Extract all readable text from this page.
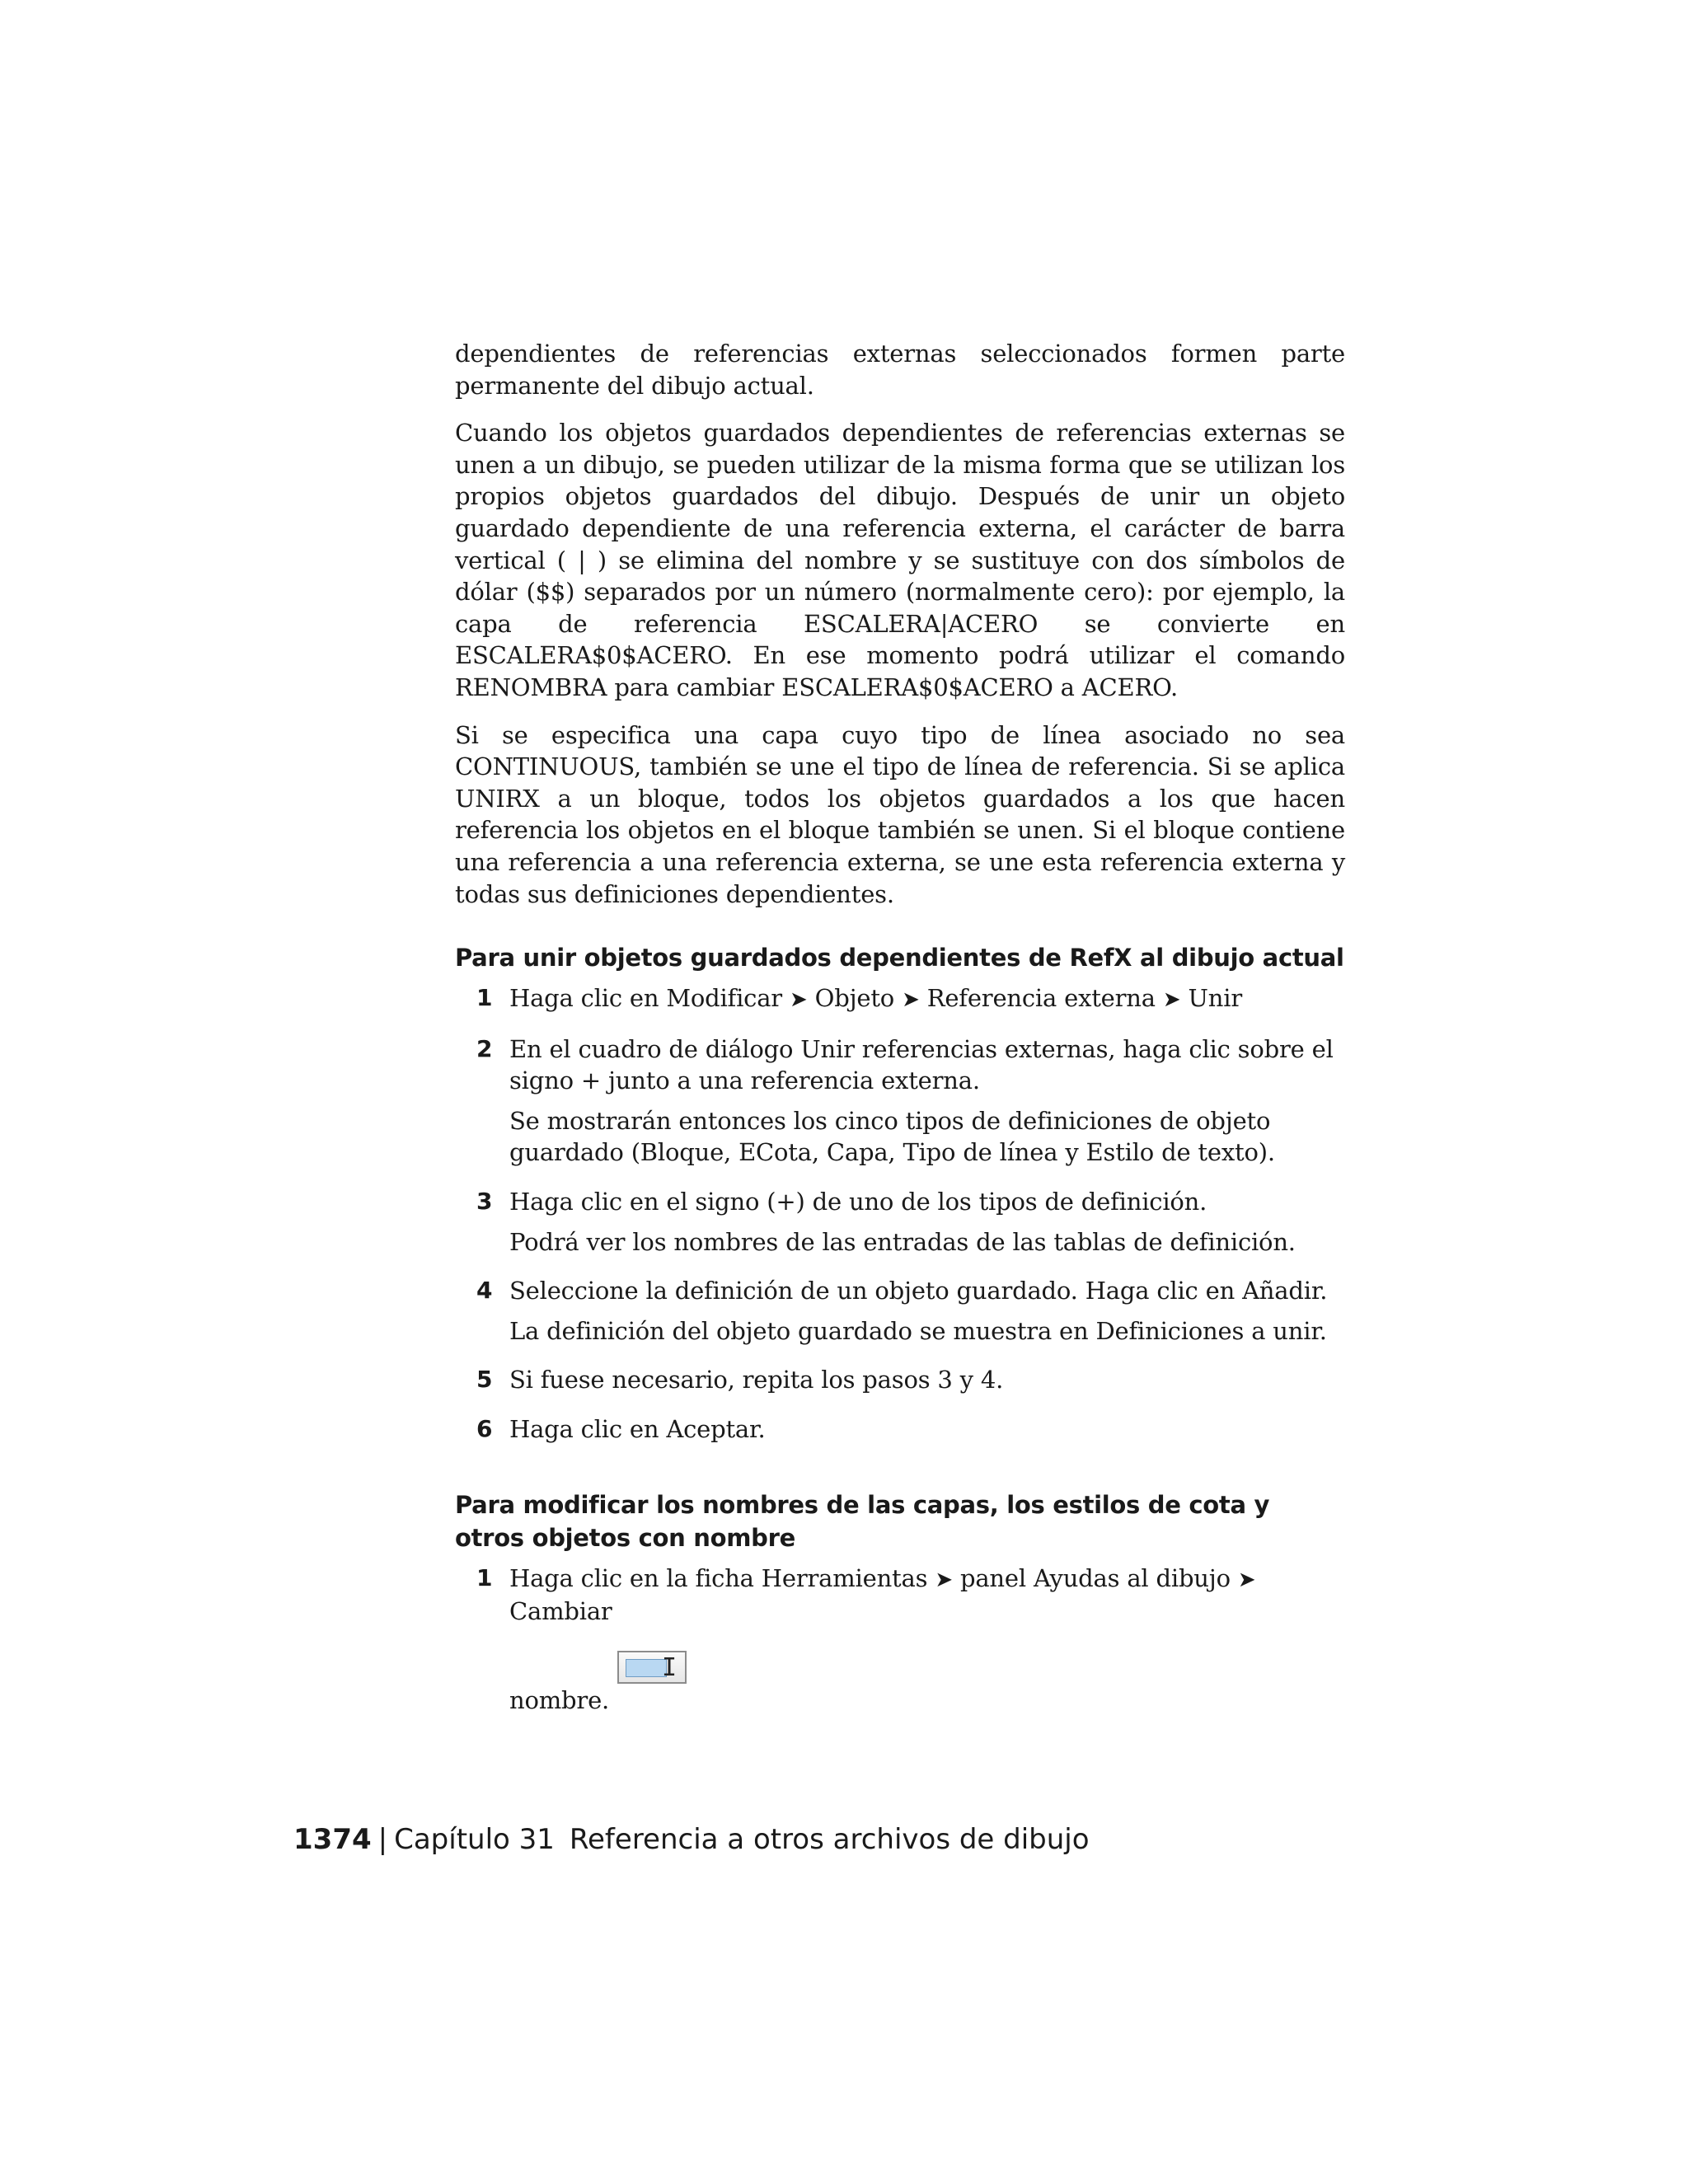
dependientes de referencias externas seleccionados formen parte permanente del dibujo actual.

Cuando los objetos guardados dependientes de referencias externas se unen a un dibujo, se pueden utilizar de la misma forma que se utilizan los propios objetos guardados del dibujo. Después de unir un objeto guardado dependiente de una referencia externa, el carácter de barra vertical ( | ) se elimina del nombre y se sustituye con dos símbolos de dólar ($$) separados por un número (normalmente cero): por ejemplo, la capa de referencia ESCALERA|ACERO se convierte en ESCALERA$0$ACERO. En ese momento podrá utilizar el comando RENOMBRA para cambiar ESCALERA$0$ACERO a ACERO.

Si se especifica una capa cuyo tipo de línea asociado no sea CONTINUOUS, también se une el tipo de línea de referencia. Si se aplica UNIRX a un bloque, todos los objetos guardados a los que hacen referencia los objetos en el bloque también se unen. Si el bloque contiene una referencia a una referencia externa, se une esta referencia externa y todas sus definiciones dependientes.

Para unir objetos guardados dependientes de RefX al dibujo actual
1 Haga clic en Modificar ➤ Objeto ➤ Referencia externa ➤ Unir

2 En el cuadro de diálogo Unir referencias externas, haga clic sobre el signo + junto a una referencia externa.

Se mostrarán entonces los cinco tipos de definiciones de objeto guardado (Bloque, ECota, Capa, Tipo de línea y Estilo de texto).

3 Haga clic en el signo (+) de uno de los tipos de definición.

Podrá ver los nombres de las entradas de las tablas de definición.

4 Seleccione la definición de un objeto guardado. Haga clic en Añadir.

La definición del objeto guardado se muestra en Definiciones a unir.

5 Si fuese necesario, repita los pasos 3 y 4.

6 Haga clic en Aceptar.

Para modificar los nombres de las capas, los estilos de cota y otros objetos con nombre
1 Haga clic en la ficha Herramientas ➤ panel Ayudas al dibujo ➤ Cambiar
nombre.
I

1374 | Capítulo 31 Referencia a otros archivos de dibujo
